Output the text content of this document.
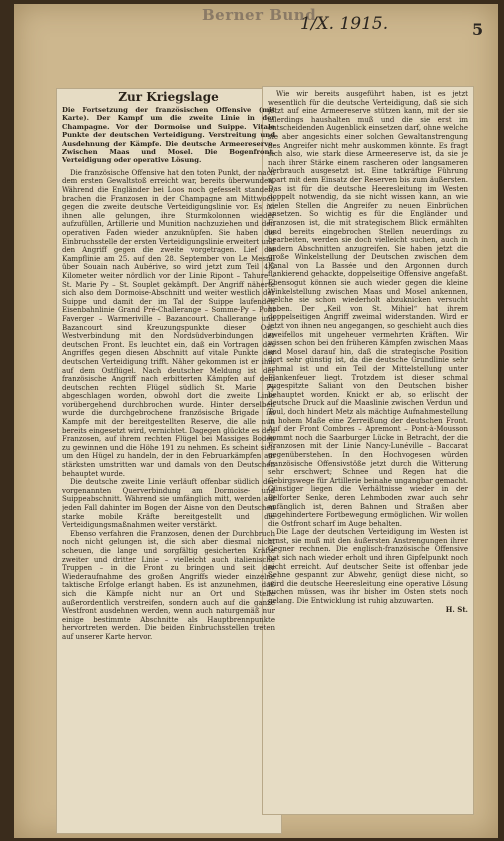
Berner Bund
1/X. 1915.	5
Zur Kriegslage
Die Fortsetzung der französischen Offensive (mit Karte). Der Kampf um die zweite Linie in der Champagne. Vor der Dormoise und Suippe. Vitale Punkte der deutschen Verteidigung. Verstreitung und Ausdehnung der Kämpfe. Die deutsche Armeereserve. Zwischen Maas und Mosel. Die Bogenfront. Verteidigung oder operative Lösung.

Die französische Offensive hat den toten Punkt, der nach dem ersten Gewaltstoß erreicht war, bereits überwunden. Während die Engländer bei Loos noch gefesselt standen, brachen die Franzosen in der Champagne am Mittwoch gegen die zweite deutsche Verteidigungslinie vor. Es ist ihnen alle gelungen, ihre Sturmkolonnen wieder aufzufüllen, Artillerie und Munition nachzuziehen und den operativen Faden wieder anzuknüpfen. Sie haben die Einbruchsstelle der ersten Verteidigungslinie erweitert und den Angriff gegen die zweite vorgetragen. Lief die Kampflinie am 25. auf den 28. September von Le Mesnil über Souain nach Aubérive, so wird jetzt zum Teil 4,5 Kilometer weiter nördlich vor der Linie Ripont – Tahure – St. Marie Py – St. Souplet gekämpft. Der Angriff näherte sich also dem Dormoise-Abschnitt und weiter westlich der Suippe und damit der im Tal der Suippe laufenden Eisenbahnlinie Grand Pré-Challerange – Somme-Py – Pont Faverger – Warmeriville – Bazancourt. Challerange und Bazancourt sind Kreuzungspunkte dieser Ost-Westverbindung mit den Nordsüdverbindungen der deutschen Front. Es leuchtet ein, daß ein Vortragen des Angriffes gegen diesen Abschnitt auf vitale Punkte der deutschen Verteidigung trifft. Näher gekommen ist er ihm auf dem Ostflügel. Nach deutscher Meldung ist der französische Angriff nach erbitterten Kämpfen auf dem deutschen rechten Flügel südlich St. Marie Py abgeschlagen worden, obwohl dort die zweite Linie vorübergehend durchbrochen wurde. Hinter derselben wurde die durchgebrochene französische Brigade im Kampfe mit der bereitgestellten Reserve, die alle nun bereits eingesetzt wird, vernichtet. Dagegen glückte es den Franzosen, auf ihrem rechten Flügel bei Massiges Boden zu gewinnen und die Höhe 191 zu nehmen. Es scheint sich um den Hügel zu handeln, der in den Februarkämpfen am stärksten umstritten war und damals von den Deutschen behauptet wurde.

Die deutsche zweite Linie verläuft offenbar südlich der vorgenannten Querverbindung am Dormoise- und Suippeabschnitt. Während sie umfänglich mitt, werden auf jeden Fall dahinter im Bogen der Aisne von den Deutschen starke mobile Kräfte bereitgestellt und die Verteidigungsmaßnahmen weiter verstärkt.

Ebenso verfahren die Franzosen, denen der Durchbruch noch nicht gelungen ist, die sich aber diesmal nicht scheuen, die lange und sorgfältig gesicherten Kräfte zweiter und dritter Linie – vielleicht auch italienische Truppen – in die Front zu bringen und seit der Wiederaufnahme des großen Angriffs wieder einzelne taktische Erfolge erlangt haben. Es ist anzunehmen, daß sich die Kämpfe nicht nur an Ort und Stelle außerordentlich verstreifen, sondern auch auf die ganze Westfront ausdehnen werden, wenn auch naturgemäß nur einige bestimmte Abschnitte als Hauptbrennpunkte hervortreten werden. Die beiden Einbruchsstellen treten auf unserer Karte hervor.

Wie wir bereits ausgeführt haben, ist es jetzt wesentlich für die deutsche Verteidigung, daß sie sich jetzt auf eine Armeereserve stützen kann, mit der sie allerdings haushalten muß und die sie erst im entscheidenden Augenblick einsetzen darf, ohne welche sie aber angesichts einer solchen Gewaltanstrengung des Angreifer nicht mehr auskommen könnte. Es fragt sich also, wie stark diese Armeereserve ist, da sie je nach ihrer Stärke einem rascheren oder langsameren Verbrauch ausgesetzt ist. Eine tatkräftige Führung spart mit dem Einsatz der Reserven bis zum äußersten. Das ist für die deutsche Heeresleitung im Westen doppelt notwendig, da sie nicht wissen kann, an wie vielen Stellen die Angreifer zu neuen Einbrüchen ansetzen. So wichtig es für die Engländer und Franzosen ist, die mit strategischem Blick ermählten und bereits eingebrochen Stellen neuerdings zu bearbeiten, werden sie doch vielleicht suchen, auch in andern Abschnitten anzugreifen. Sie haben jetzt die große Winkelstellung der Deutschen zwischen dem Kanal von La Bassée und den Argonnen durch flankierend gehackte, doppelseitige Offensive angefaßt. Ebensogut können sie auch wieder gegen die kleine Winkelstellung zwischen Maas und Mosel ankennen, welche sie schon wiederholt abzuknicken versucht haben. Der „Keil von St. Mihiel“ hat ihrem doppelseitigen Angriff zweimal widerstanden. Wird er jetzt von ihnen neu angegangen, so geschieht auch dies zweifellos mit ungeheuer vermehrten Kräften. Wir wissen schon bei den früheren Kämpfen zwischen Maas und Mosel darauf hin, daß die strategische Position dort sehr günstig ist, da die deutsche Grundlinie sehr schmal ist und ein Teil der Mittelstellung unter Flankenfeuer liegt. Trotzdem ist dieser schmal zugespitzte Saliant von den Deutschen bisher behauptet worden. Knickt er ab, so erlischt der deutsche Druck auf die Maaslinie zwischen Verdun und Toul, doch hindert Metz als mächtige Aufnahmestellung in hohem Maße eine Zerreißung der deutschen Front. Auf der Front Combres – Apremont – Pont-à-Mousson kommt noch die Saarburger Lücke in Betracht, der die Franzosen mit der Linie Nancy-Lunéville – Baccarat gegenüberstehen. In den Hochvogesen würden französische Offensivstöße jetzt durch die Witterung sehr erschwert; Schnee und Regen hat die Gebirgswege für Artillerie beinahe ungangbar gemacht. Günstiger liegen die Verhältnisse wieder in der Belforter Senke, deren Lehmboden zwar auch sehr anfänglich ist, deren Bahnen und Straßen aber ungehindertere Fortbewegung ermöglichen. Wir wollen die Ostfront scharf im Auge behalten.

Die Lage der deutschen Verteidigung im Westen ist ernst, sie muß mit den äußersten Anstrengungen ihrer Gegner rechnen. Die englisch-französische Offensive hat sich nach wieder erholt und ihren Gipfelpunkt noch nicht erreicht. Auf deutscher Seite ist offenbar jede Sehne gespannt zur Abwehr, genügt diese nicht, so wird die deutsche Heeresleitung eine operative Lösung suchen müssen, was ihr bisher im Osten stets noch gelang. Die Entwicklung ist ruhig abzuwarten.

H. St.
